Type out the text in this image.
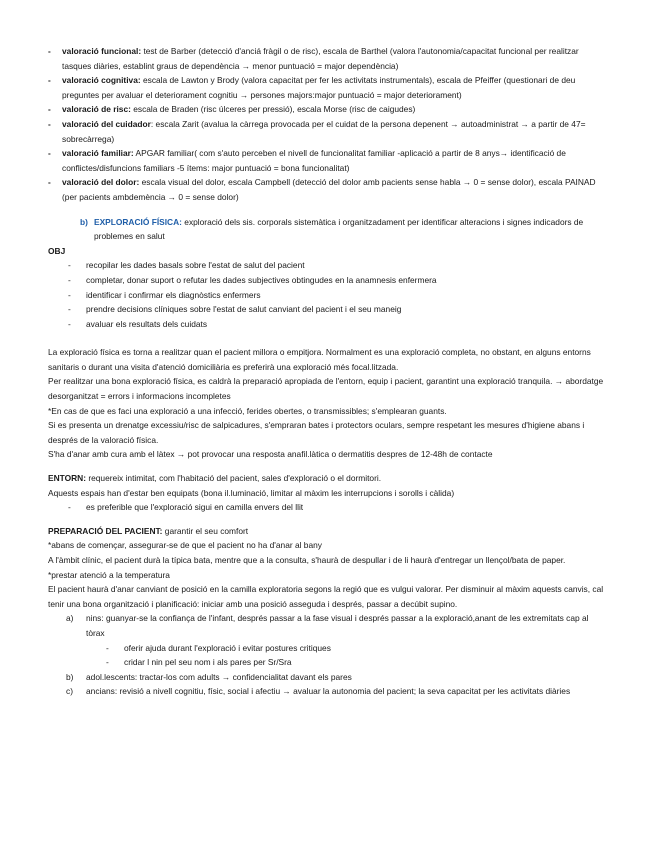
-	valoració funcional: test de Barber (detecció d'anciá fràgil o de risc), escala de Barthel (valora l'autonomia/capacitat funcional per realitzar tasques diàries, establint graus de dependència → menor puntuació = major dependència)
-	valoració cognitiva: escala de Lawton y Brody (valora capacitat per fer les activitats instrumentals), escala de Pfeiffer (questionari de deu preguntes per avaluar el deteriorament cognitiu → persones majors:major puntuació = major deteriorament)
-	valoració de risc: escala de Braden (risc úlceres per pressió), escala Morse (risc de caigudes)
-	valoració del cuidador: escala Zarit (avalua la càrrega provocada per el cuidat de la persona depenent → autoadministrat → a partir de 47= sobrecàrrega)
-	valoració familiar: APGAR familiar( com s'auto perceben el nivell de funcionalitat familiar -aplicació a partir de 8 anys→ identificació de conflictes/disfuncions familiars -5 ítems: major puntuació = bona funcionalitat)
-	valoració del dolor: escala visual del dolor, escala Campbell (detecció del dolor amb pacients sense habla → 0 = sense dolor), escala PAINAD (per pacients ambdemència → 0 = sense dolor)
b) EXPLORACIÓ FÍSICA: exploració dels sis. corporals sistemàtica i organitzadament per identificar alteracions i signes indicadors de problemes en salut
OBJ
-	recopilar les dades basals sobre l'estat de salut del pacient
-	completar, donar suport o refutar les dades subjectives obtingudes en la anamnesis enfermera
-	identificar i confirmar els diagnòstics enfermers
-	prendre decisions clíniques sobre l'estat de salut canviant del pacient i el seu maneig
-	avaluar els resultats dels cuidats
La exploració física es torna a realitzar quan el pacient millora o empitjora. Normalment es una exploració completa, no obstant, en alguns entorns sanitaris o durant una visita d'atenció domiciliària es preferirà una exploració més focal.litzada.
Per realitzar una bona exploració física, es caldrà la preparació apropiada de l'entorn, equip i pacient, garantint una exploració tranquila. → abordatge desorganitzat = errors i informacions incompletes
*En cas de que es faci una exploració a una infecció, ferides obertes, o transmissibles; s'emplearan guants.
Si es presenta un drenatge excessiu/risc de salpicadures, s'empraran bates i protectors oculars, sempre respetant les mesures d'higiene abans i després de la valoració física.
S'ha d'anar amb cura amb el làtex → pot provocar una resposta anafil.làtica o dermatitis despres de 12-48h de contacte
ENTORN: requereix intimitat, com l'habitació del pacient, sales d'exploració o el dormitori.
Aquests espais han d'estar ben equipats (bona il.luminació, limitar al màxim les interrupcions i sorolls i càlida)
-	es preferible que l'exploració sigui en camilla envers del llit
PREPARACIÓ DEL PACIENT: garantir el seu comfort
*abans de començar, assegurar-se de que el pacient no ha d'anar al bany
A l'àmbit clínic, el pacient durà la típica bata, mentre que a la consulta, s'haurà de despullar i de li haurà d'entregar un llençol/bata de paper.
*prestar atenció a la temperatura
El pacient haurà d'anar canviant de posició en la camilla exploratoria segons la regió que es vulgui valorar. Per disminuir al màxim aquests canvis, cal tenir una bona organització i planificació: iniciar amb una posició asseguda i després, passar a decúbit supino.
a)	nins: guanyar-se la confiança de l'infant, després passar a la fase visual i després passar a la exploració,anant de les extremitats cap al tòrax
-	oferir ajuda durant l'exploració i evitar postures critiques
-	cridar l nin pel seu nom i als pares per Sr/Sra
b)	adol.lescents: tractar-los com adults → confidencialitat davant els pares
c)	ancians: revisió a nivell cognitiu, físic, social i afectiu → avaluar la autonomia del pacient; la seva capacitat per les activitats diàries
